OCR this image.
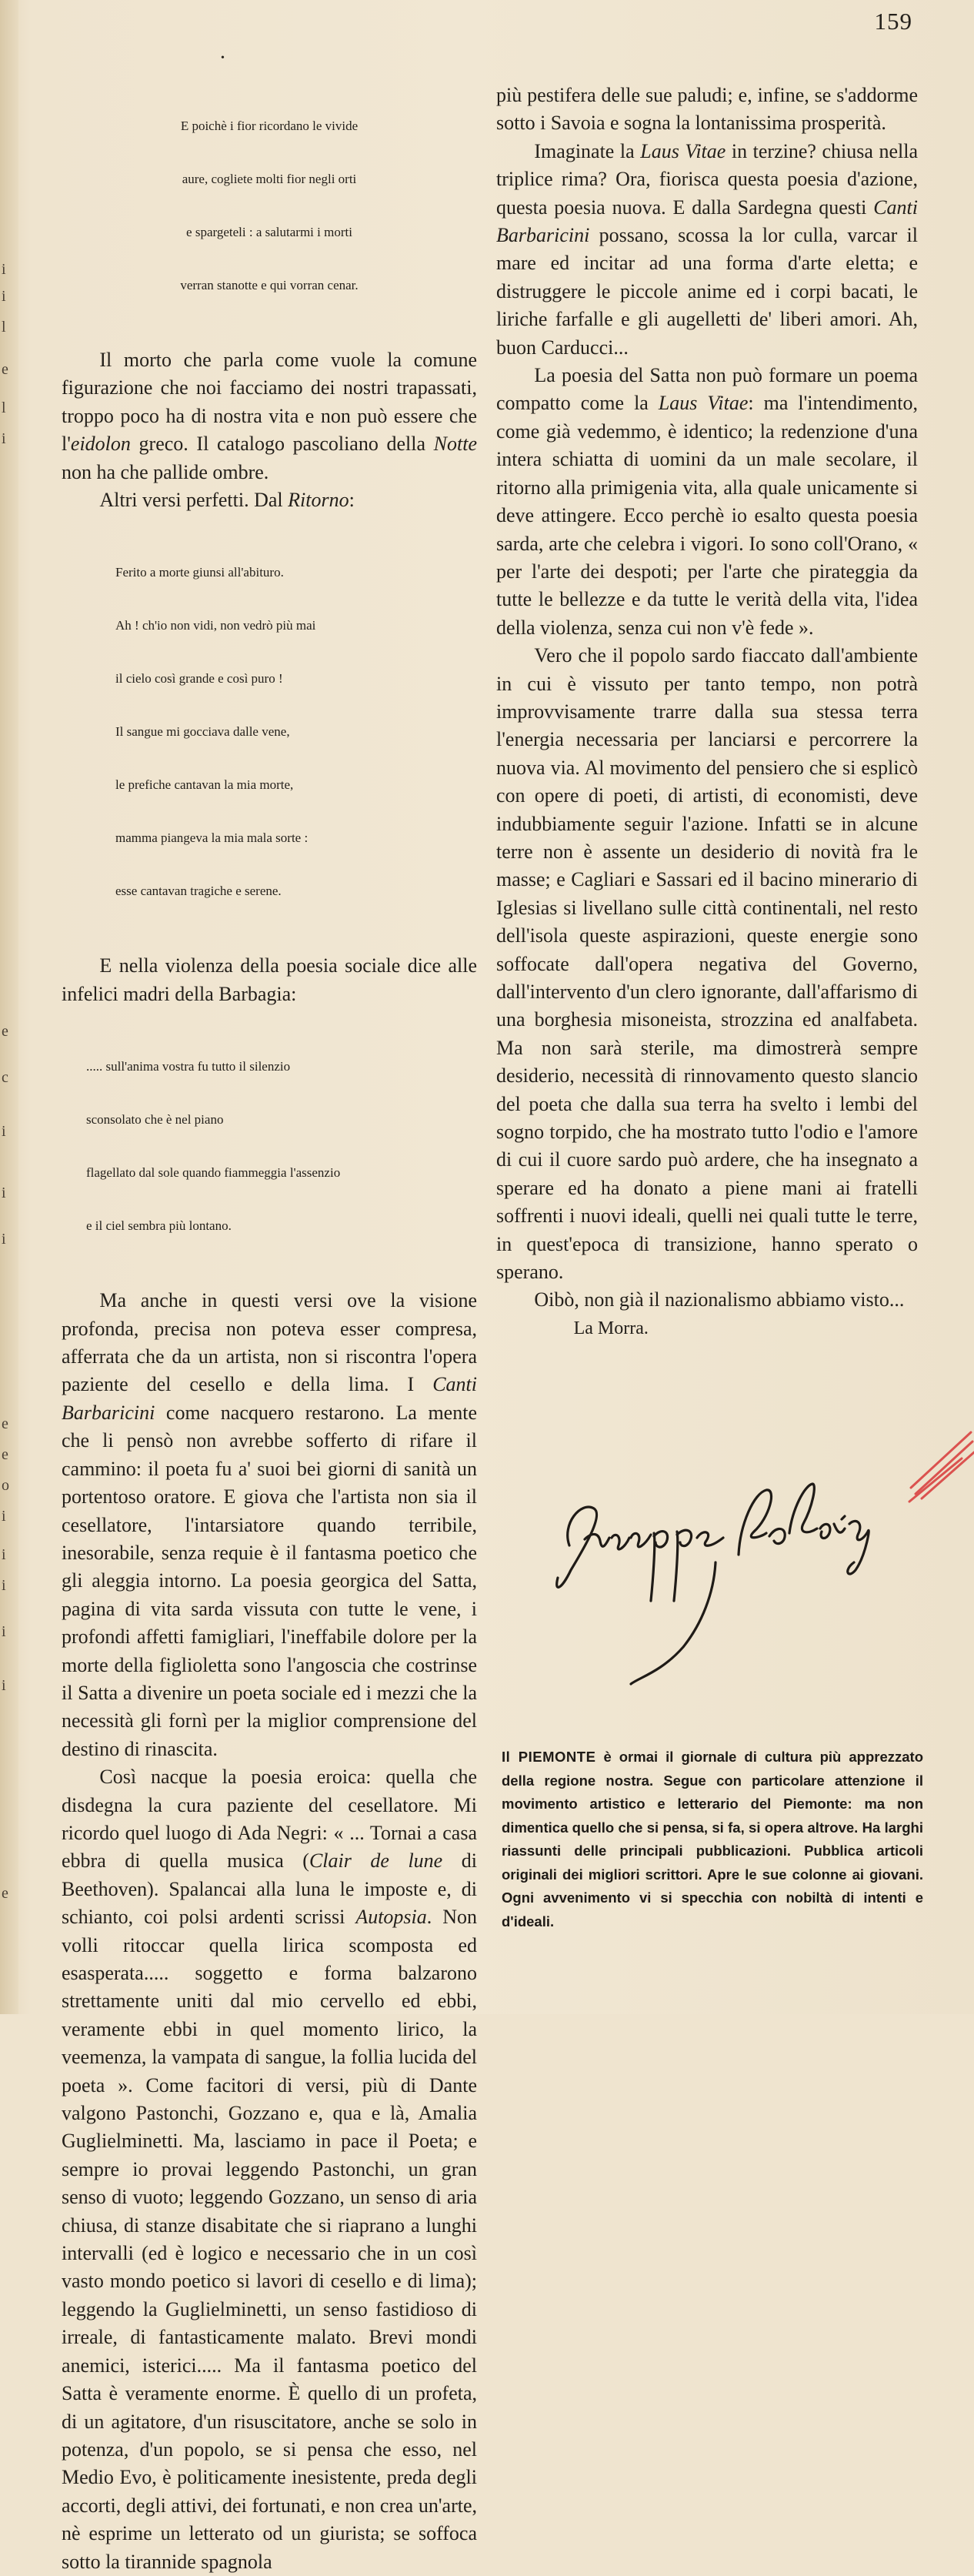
i
i
l
e
l
i
e
c
i
i
i
e
e
o
i
i
i
i
i
e
159
•

E poichè i fior ricordano le vivide

aure, cogliete molti fior negli orti

e spargeteli : a salutarmi i morti

verran stanotte e qui vorran cenar.

Il morto che parla come vuole la comune figurazione che noi facciamo dei nostri trapassati, troppo poco ha di nostra vita e non può essere che l'eidolon greco. Il catalogo pascoliano della Notte non ha che pallide ombre.

Altri versi perfetti. Dal Ritorno:

Ferito a morte giunsi all'abituro.

Ah ! ch'io non vidi, non vedrò più mai

il cielo così grande e così puro !

Il sangue mi gocciava dalle vene,

le prefiche cantavan la mia morte,

mamma piangeva la mia mala sorte :

esse cantavan tragiche e serene.

E nella violenza della poesia sociale dice alle infelici madri della Barbagia:

..... sull'anima vostra fu tutto il silenzio

sconsolato che è nel piano

flagellato dal sole quando fiammeggia l'assenzio

e il ciel sembra più lontano.

Ma anche in questi versi ove la visione profonda, precisa non poteva esser compresa, afferrata che da un artista, non si riscontra l'opera paziente del cesello e della lima. I Canti Barbaricini come nacquero restarono. La mente che li pensò non avrebbe sofferto di rifare il cammino: il poeta fu a' suoi bei giorni di sanità un portentoso oratore. E giova che l'artista non sia il cesellatore, l'intarsiatore quando terribile, inesorabile, senza requie è il fantasma poetico che gli aleggia intorno. La poesia georgica del Satta, pagina di vita sarda vissuta con tutte le vene, i profondi affetti famigliari, l'ineffabile dolore per la morte della figlioletta sono l'angoscia che costrinse il Satta a divenire un poeta sociale ed i mezzi che la necessità gli fornì per la miglior comprensione del destino di rinascita.

Così nacque la poesia eroica: quella che disdegna la cura paziente del cesellatore. Mi ricordo quel luogo di Ada Negri: « ... Tornai a casa ebbra di quella musica (Clair de lune di Beethoven). Spalancai alla luna le imposte e, di schianto, coi polsi ardenti scrissi Autopsia. Non volli ritoccar quella lirica scomposta ed esasperata..... soggetto e forma balzarono strettamente uniti dal mio cervello ed ebbi, veramente ebbi in quel momento lirico, la veemenza, la vampata di sangue, la follia lucida del poeta ». Come facitori di versi, più di Dante valgono Pastonchi, Gozzano e, qua e là, Amalia Guglielminetti. Ma, lasciamo in pace il Poeta; e sempre io provai leggendo Pastonchi, un gran senso di vuoto; leggendo Gozzano, un senso di aria chiusa, di stanze disabitate che si riaprano a lunghi intervalli (ed è logico e necessario che in un così vasto mondo poetico si lavori di cesello e di lima); leggendo la Guglielminetti, un senso fastidioso di irreale, di fantasticamente malato. Brevi mondi anemici, isterici..... Ma il fantasma poetico del Satta è veramente enorme. È quello di un profeta, di un agitatore, d'un risuscitatore, anche se solo in potenza, d'un popolo, se si pensa che esso, nel Medio Evo, è politicamente inesistente, preda degli accorti, degli attivi, dei fortunati, e non crea un'arte, nè esprime un letterato od un giurista; se soffoca sotto la tirannide spagnola

più pestifera delle sue paludi; e, infine, se s'addorme sotto i Savoia e sogna la lontanissima prosperità.

Imaginate la Laus Vitae in terzine? chiusa nella triplice rima? Ora, fiorisca questa poesia d'azione, questa poesia nuova. E dalla Sardegna questi Canti Barbaricini possano, scossa la lor culla, varcar il mare ed incitar ad una forma d'arte eletta; e distruggere le piccole anime ed i corpi bacati, le liriche farfalle e gli augelletti de' liberi amori. Ah, buon Carducci...

La poesia del Satta non può formare un poema compatto come la Laus Vitae: ma l'intendimento, come già vedemmo, è identico; la redenzione d'una intera schiatta di uomini da un male secolare, il ritorno alla primigenia vita, alla quale unicamente si deve attingere. Ecco perchè io esalto questa poesia sarda, arte che celebra i vigori. Io sono coll'Orano, « per l'arte dei despoti; per l'arte che pirateggia da tutte le bellezze e da tutte le verità della vita, l'idea della violenza, senza cui non v'è fede ».

Vero che il popolo sardo fiaccato dall'ambiente in cui è vissuto per tanto tempo, non potrà improvvisamente trarre dalla sua stessa terra l'energia necessaria per lanciarsi e percorrere la nuova via. Al movimento del pensiero che si esplicò con opere di poeti, di artisti, di economisti, deve indubbiamente seguir l'azione. Infatti se in alcune terre non è assente un desiderio di novità fra le masse; e Cagliari e Sassari ed il bacino minerario di Iglesias si livellano sulle città continentali, nel resto dell'isola queste aspirazioni, queste energie sono soffocate dall'opera negativa del Governo, dall'intervento d'un clero ignorante, dall'affarismo di una borghesia misoneista, strozzina ed analfabeta. Ma non sarà sterile, ma dimostrerà sempre desiderio, necessità di rinnovamento questo slancio del poeta che dalla sua terra ha svelto i lembi del sogno torpido, che ha mostrato tutto l'odio e l'amore di cui il cuore sardo può ardere, che ha insegnato a sperare ed ha donato a piene mani ai fratelli soffrenti i nuovi ideali, quelli nei quali tutte le terre, in quest'epoca di transizione, hanno sperato o sperano.

Oibò, non già il nazionalismo abbiamo visto...

La Morra.

Il PIEMONTE è ormai il giornale di cultura più apprezzato della regione nostra. Segue con particolare attenzione il movimento artistico e letterario del Piemonte: ma non dimentica quello che si pensa, si fa, si opera altrove. Ha larghi riassunti delle principali pubblicazioni. Pubblica articoli originali dei migliori scrittori. Apre le sue colonne ai giovani. Ogni avvenimento vi si specchia con nobiltà di intenti e d'ideali.
